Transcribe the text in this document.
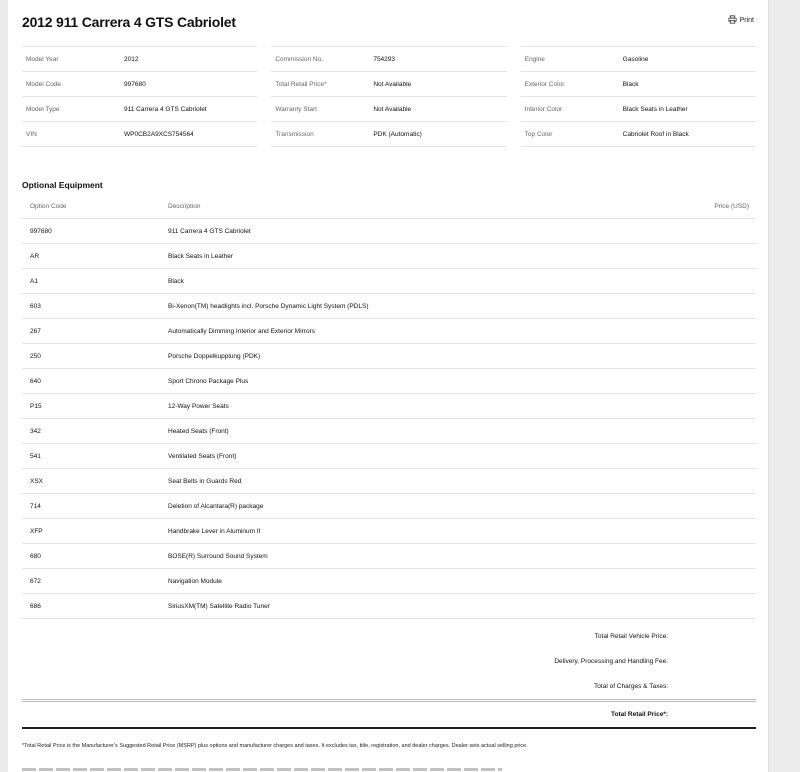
2012 911 Carrera 4 GTS Cabriolet	Print
Model Year	2012
Model Code	997680
Model Type	911 Carrera 4 GTS Cabriolet
VIN	WP0CB2A9XCS754564
Commission No.	754293
Total Retail Price*	Not Available
Warranty Start	Not Available
Transmission	PDK (Automatic)
Engine	Gasoline
Exterior Color	Black
Interior Color	Black Seats in Leather
Top Color	Cabriolet Roof in Black
Optional Equipment
Option Code	Description	Price (USD)
997680	911 Carrera 4 GTS Cabriolet
AR	Black Seats in Leather
A1	Black
603	Bi-Xenon(TM) headlights incl. Porsche Dynamic Light System (PDLS)
267	Automatically Dimming Interior and Exterior Mirrors
250	Porsche Doppelkupplung (PDK)
640	Sport Chrono Package Plus
P15	12-Way Power Seats
342	Heated Seats (Front)
541	Ventilated Seats (Front)
XSX	Seat Belts in Guards Red
714	Deletion of Alcantara(R) package
XFP	Handbrake Lever in Aluminum II
680	BOSE(R) Surround Sound System
672	Navigation Module
686	SiriusXM(TM) Satellite Radio Tuner
Total Retail Vehicle Price:
Delivery, Processing and Handling Fee:
Total of Charges & Taxes:
Total Retail Price*:
*Total Retail Price is the Manufacturer's Suggested Retail Price (MSRP) plus options and manufacturer charges and taxes. It excludes tax, title, registration, and dealer charges. Dealer sets actual selling price.
